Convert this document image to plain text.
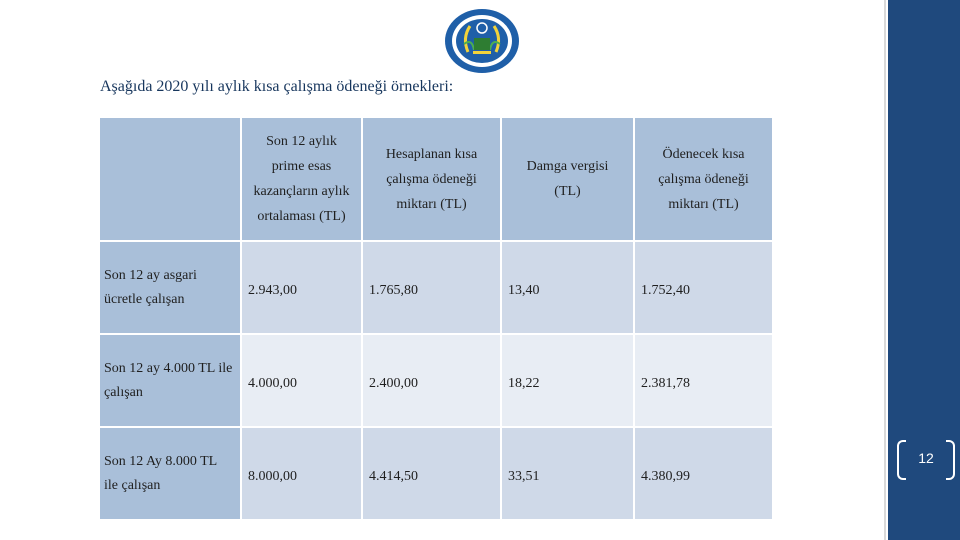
Aşağıda 2020 yılı aylık kısa çalışma ödeneği örnekleri:
	Son 12 aylık
prime esas
kazançların aylık
ortalaması (TL)	Hesaplanan kısa
çalışma ödeneği
miktarı (TL)	Damga vergisi
(TL)	Ödenecek kısa
çalışma ödeneği
miktarı (TL)
Son 12 ay asgari
ücretle çalışan	2.943,00	1.765,80	13,40	1.752,40
Son 12 ay 4.000 TL ile
çalışan	4.000,00	2.400,00	18,22	2.381,78
Son 12 Ay 8.000 TL
ile çalışan	8.000,00	4.414,50	33,51	4.380,99
12
